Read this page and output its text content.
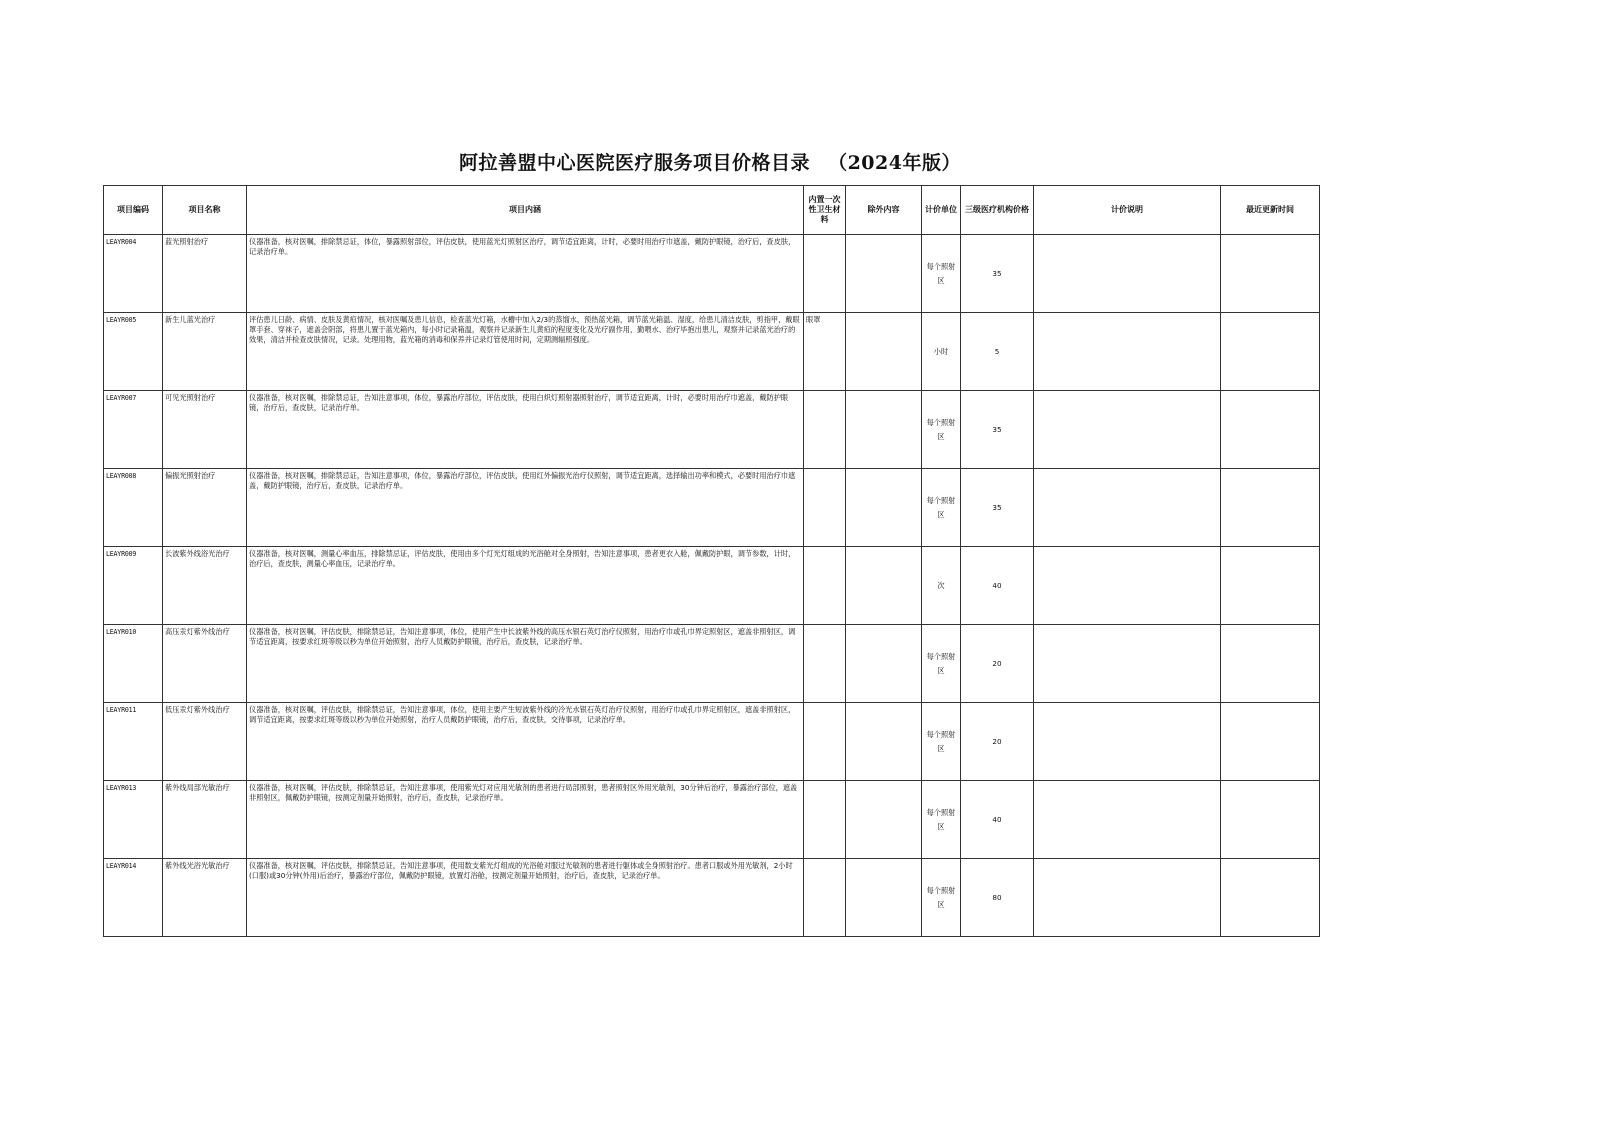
阿拉善盟中心医院医疗服务项目价格目录 （2024年版）
项目编码	项目名称	项目内涵	内置一次性卫生材料	除外内容	计价单位	三级医疗机构价格	计价说明	最近更新时间
LEAYR004	蓝光照射治疗	仪器准备，核对医嘱，排除禁忌证，体位，暴露照射部位，评估皮肤，使用蓝光灯照射区治疗，调节适宜距离，计时，必要时用治疗巾遮盖，戴防护眼镜，治疗后，查皮肤，记录治疗单。			每个照射区	35		
LEAYR005	新生儿蓝光治疗	评估患儿日龄、病情、皮肤及黄疸情况，核对医嘱及患儿信息，检查蓝光灯箱，水槽中加入2/3的蒸馏水，预热蓝光箱，调节蓝光箱温、湿度，给患儿清洁皮肤，剪指甲，戴眼罩手套、穿袜子，遮盖会阴部，将患儿置于蓝光箱内，每小时记录箱温，观察并记录新生儿黄疸的程度变化及光疗副作用，勤喂水、治疗毕抱出患儿，观察并记录蓝光治疗的效果，清洁并检查皮肤情况，记录。处理用物，蓝光箱的消毒和保养并记录灯管使用时间，定期测辐照强度。	眼罩		小时	5		
LEAYR007	可见光照射治疗	仪器准备，核对医嘱，排除禁忌证，告知注意事项，体位，暴露治疗部位，评估皮肤，使用白炽灯照射器照射治疗，调节适宜距离，计时，必要时用治疗巾遮盖，戴防护眼镜，治疗后，查皮肤，记录治疗单。			每个照射区	35		
LEAYR008	偏振光照射治疗	仪器准备，核对医嘱，排除禁忌证，告知注意事项，体位，暴露治疗部位，评估皮肤，使用红外偏振光治疗仪照射，调节适宜距离，选择输出功率和模式，必要时用治疗巾遮盖，戴防护眼镜，治疗后，查皮肤，记录治疗单。			每个照射区	35		
LEAYR009	长波紫外线浴光治疗	仪器准备，核对医嘱，测量心率血压，排除禁忌证，评估皮肤，使用由多个灯光灯组成的光浴舱对全身照射，告知注意事项，患者更衣入舱，佩戴防护眼，调节参数，计时，治疗后，查皮肤，测量心率血压，记录治疗单。			次	40		
LEAYR010	高压汞灯紫外线治疗	仪器准备，核对医嘱，评估皮肤，排除禁忌证，告知注意事项，体位，使用产生中长波紫外线的高压水银石英灯治疗仪照射，用治疗巾或孔巾界定照射区，遮盖非照射区，调节适宜距离，按要求红斑等级以秒为单位开始照射，治疗人员戴防护眼镜，治疗后，查皮肤，记录治疗单。			每个照射区	20		
LEAYR011	低压汞灯紫外线治疗	仪器准备，核对医嘱，评估皮肤，排除禁忌证，告知注意事项，体位，使用主要产生短波紫外线的冷光水银石英灯治疗仪照射，用治疗巾或孔巾界定照射区，遮盖非照射区，调节适宜距离，按要求红斑等级以秒为单位开始照射，治疗人员戴防护眼镜，治疗后，查皮肤，交待事项，记录治疗单。			每个照射区	20		
LEAYR013	紫外线局部光敏治疗	仪器准备，核对医嘱，评估皮肤，排除禁忌证，告知注意事项，使用紫光灯对应用光敏剂的患者进行局部照射，患者照射区外用光敏剂，30分钟后治疗，暴露治疗部位，遮盖非照射区，佩戴防护眼镜，按测定剂量开始照射，治疗后，查皮肤，记录治疗单。			每个照射区	40		
LEAYR014	紫外线光浴光敏治疗	仪器准备，核对医嘱，评估皮肤，排除禁忌证，告知注意事项，使用数支紫光灯组成的光浴舱对服过光敏剂的患者进行躯体或全身照射治疗。患者口服或外用光敏剂，2小时(口服)或30分钟(外用)后治疗，暴露治疗部位，佩戴防护眼镜，放置灯浴舱，按测定剂量开始照射，治疗后，查皮肤，记录治疗单。			每个照射区	80		
